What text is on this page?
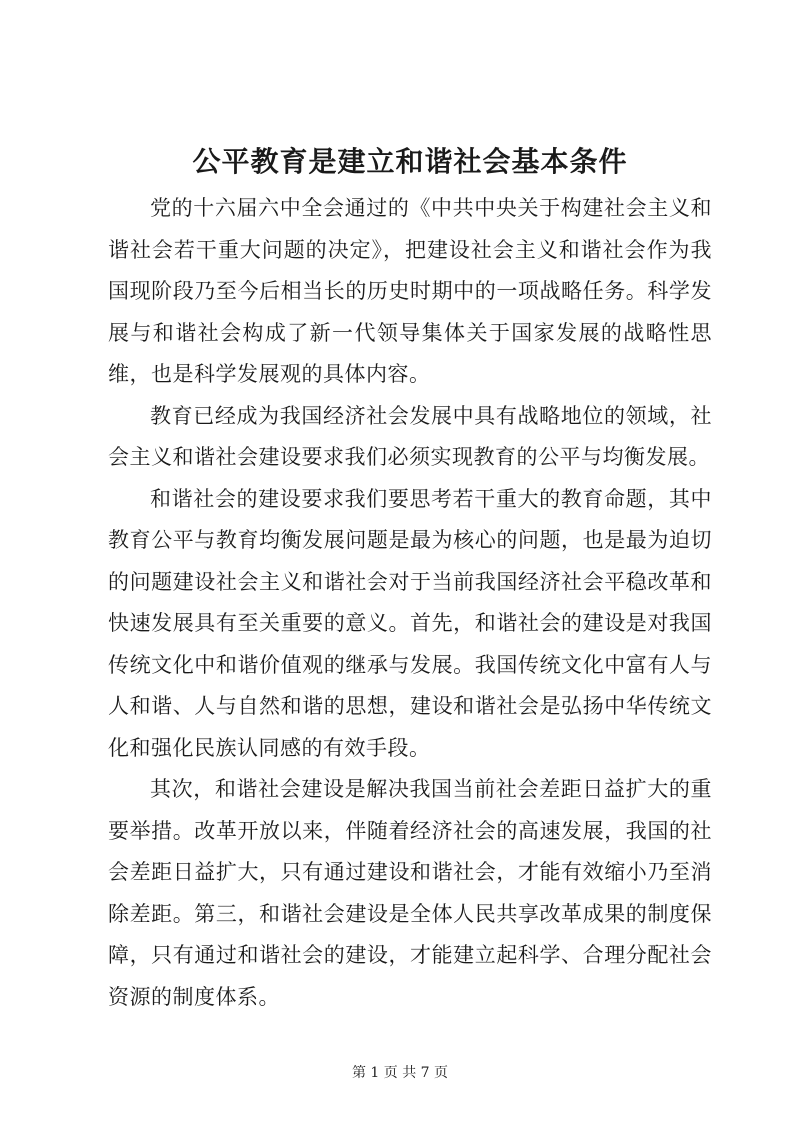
公平教育是建立和谐社会基本条件

党的十六届六中全会通过的《中共中央关于构建社会主义和谐社会若干重大问题的决定》，把建设社会主义和谐社会作为我国现阶段乃至今后相当长的历史时期中的一项战略任务。科学发展与和谐社会构成了新一代领导集体关于国家发展的战略性思维，也是科学发展观的具体内容。

教育已经成为我国经济社会发展中具有战略地位的领域，社会主义和谐社会建设要求我们必须实现教育的公平与均衡发展。

和谐社会的建设要求我们要思考若干重大的教育命题，其中教育公平与教育均衡发展问题是最为核心的问题，也是最为迫切的问题建设社会主义和谐社会对于当前我国经济社会平稳改革和快速发展具有至关重要的意义。首先，和谐社会的建设是对我国传统文化中和谐价值观的继承与发展。我国传统文化中富有人与人和谐、人与自然和谐的思想，建设和谐社会是弘扬中华传统文化和强化民族认同感的有效手段。

其次，和谐社会建设是解决我国当前社会差距日益扩大的重要举措。改革开放以来，伴随着经济社会的高速发展，我国的社会差距日益扩大，只有通过建设和谐社会，才能有效缩小乃至消除差距。第三，和谐社会建设是全体人民共享改革成果的制度保障，只有通过和谐社会的建设，才能建立起科学、合理分配社会资源的制度体系。

第 1 页 共 7 页
